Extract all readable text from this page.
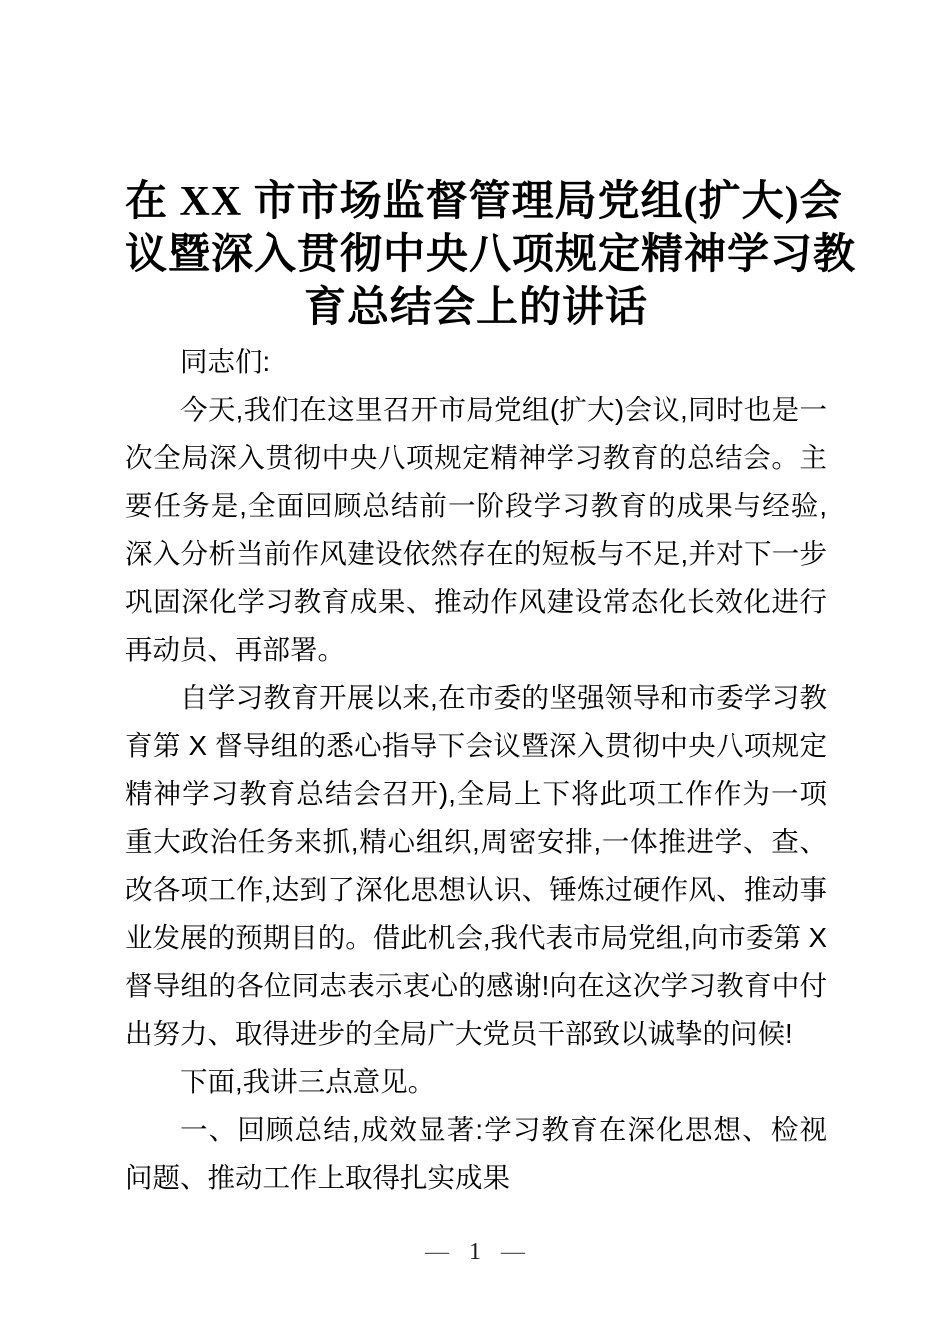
在 XX 市市场监督管理局党组(扩大)会
议暨深入贯彻中央八项规定精神学习教
育总结会上的讲话

同志们:

今天,我们在这里召开市局党组(扩大)会议,同时也是一次全局深入贯彻中央八项规定精神学习教育的总结会。主要任务是,全面回顾总结前一阶段学习教育的成果与经验,深入分析当前作风建设依然存在的短板与不足,并对下一步巩固深化学习教育成果、推动作风建设常态化长效化进行再动员、再部署。

自学习教育开展以来,在市委的坚强领导和市委学习教育第 X 督导组的悉心指导下会议暨深入贯彻中央八项规定精神学习教育总结会召开),全局上下将此项工作作为一项重大政治任务来抓,精心组织,周密安排,一体推进学、查、改各项工作,达到了深化思想认识、锤炼过硬作风、推动事业发展的预期目的。借此机会,我代表市局党组,向市委第 X 督导组的各位同志表示衷心的感谢!向在这次学习教育中付出努力、取得进步的全局广大党员干部致以诚挚的问候!

下面,我讲三点意见。

一、回顾总结,成效显著:学习教育在深化思想、检视问题、推动工作上取得扎实成果

— 1 —
